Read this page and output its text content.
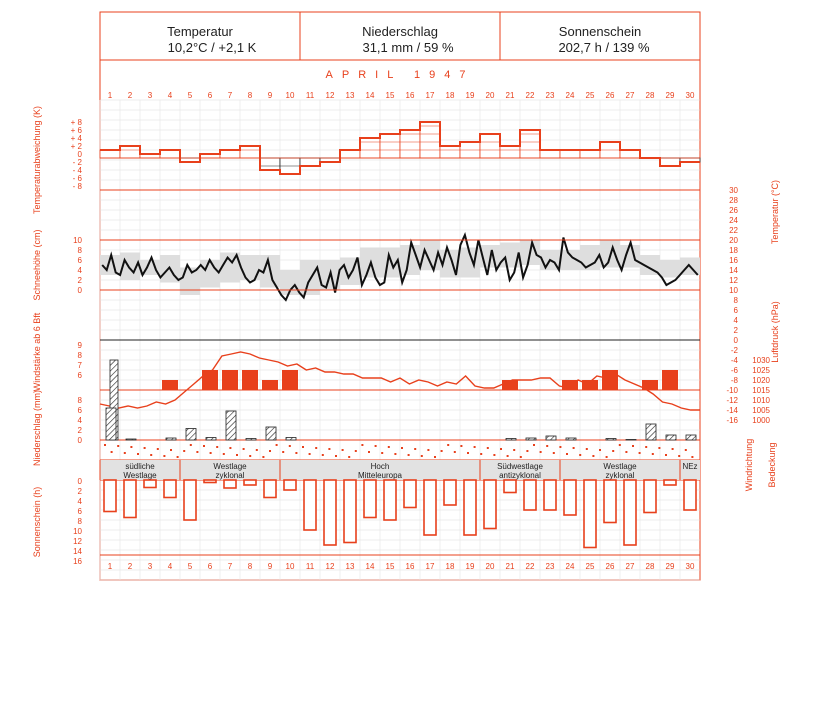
Temperatur
10,2°C / +2,1 K
Niederschlag
31,1 mm / 59 %
Sonnenschein
202,7 h / 139 %
APRIL 1947
1 2 3 4 5 6 7 8 9 10 11 12 13 14 15 16 17 18 19 20 21 22 23 24 25 26 27 28 29 30
1 2 3 4 5 6 7 8 9 10 11 12 13 14 15 16 17 18 19 20 21 22 23 24 25 26 27 28 29 30
südliche
Westlage
Westlage
zyklonal
Hoch
Mitteleuropa
Südwestlage
antizyklonal
Westlage
zyklonal
NEz
+ 8
+ 6
+ 4
+ 2
0
- 2
- 4
- 6
- 8
10
8
6
4
2
0
9
8
7
6
8
6
4
2
0
0
2
4
6
8
10
12
14
16
30
28
26
24
22
20
18
16
14
12
10
8
6
4
2
0
-2
-4
-6
-8
-10
-12
-14
-16
1030
1025
1020
1015
1010
1005
1000
Temperaturabweichung (K)
Schneehöhe (cm)
Windstärke ab 6 Bft
Niederschlag (mm)
Sonnenschein (h)
Temperatur (°C)
Luftdruck (hPa)
Windrichtung Bedeckung
